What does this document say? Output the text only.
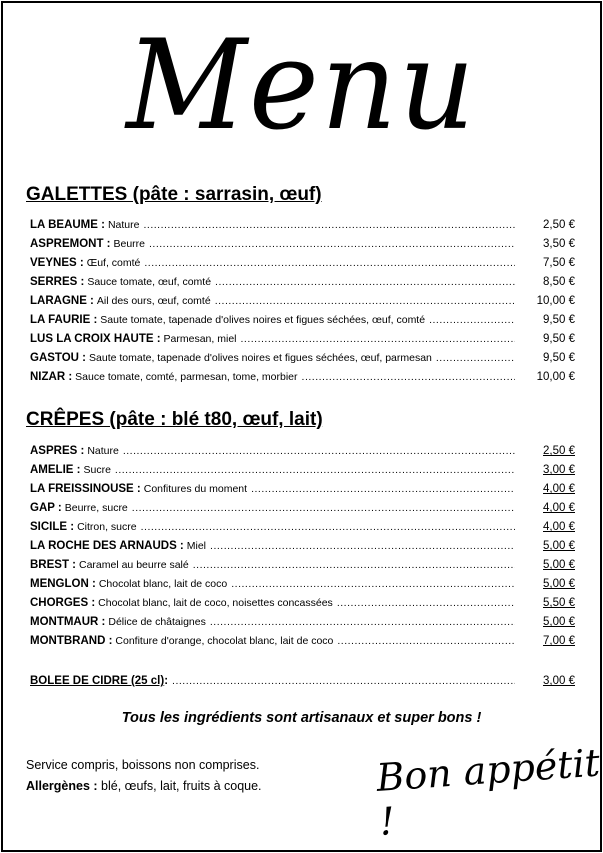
Menu
GALETTES (pâte : sarrasin, œuf)
LA BEAUME : Nature .....	2,50 €
ASPREMONT : Beurre .....	3,50 €
VEYNES : Œuf, comté .....	7,50 €
SERRES : Sauce tomate, œuf, comté .....	8,50 €
LARAGNE : Ail des ours, œuf, comté .....	10,00 €
LA FAURIE : Saute tomate, tapenade d'olives noires et figues séchées, œuf, comté .....	9,50 €
LUS LA CROIX HAUTE : Parmesan, miel .....	9,50 €
GASTOU : Saute tomate, tapenade d'olives noires et figues séchées, œuf, parmesan .....	9,50 €
NIZAR : Sauce tomate, comté, parmesan, tome, morbier .....	10,00 €
CRÊPES (pâte : blé t80, œuf, lait)
ASPRES : Nature .....	2,50 €
AMÉLIE : Sucre .....	3,00 €
LA FREISSINOUSE : Confitures du moment .....	4,00 €
GAP : Beurre, sucre .....	4,00 €
SICILE : Citron, sucre .....	4,00 €
LA ROCHE DES ARNAUDS : Miel .....	5,00 €
BREST : Caramel au beurre salé .....	5,00 €
MENGLON : Chocolat blanc, lait de coco .....	5,00 €
CHORGES : Chocolat blanc, lait de coco, noisettes concassées .....	5,50 €
MONTMAUR : Délice de châtaignes .....	5,00 €
MONTBRAND : Confiture d'orange, chocolat blanc, lait de coco .....	7,00 €
BOLÉE DE CIDRE (25 cl) : .....	3,00 €
Tous les ingrédients sont artisanaux et super bons !
Service compris, boissons non comprises.
Allergènes : blé, œufs, lait, fruits à coque.	Bon appétit !
